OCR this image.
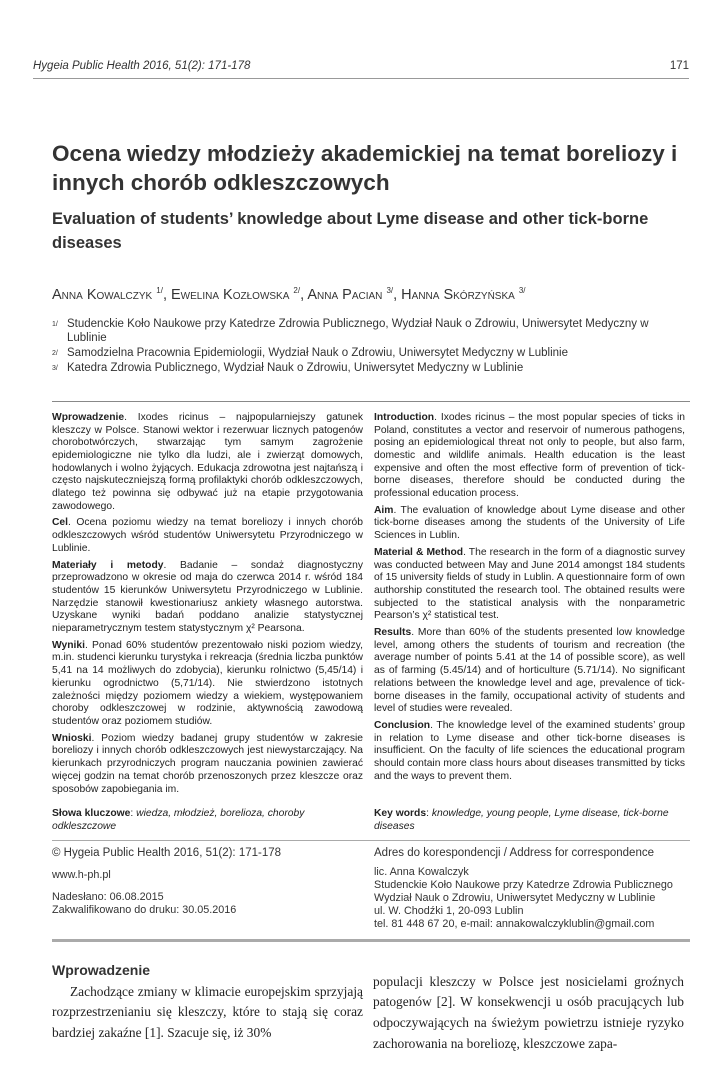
Hygeia Public Health 2016, 51(2): 171-178	171
Ocena wiedzy młodzieży akademickiej na temat boreliozy i innych chorób odkleszczowych
Evaluation of students’ knowledge about Lyme disease and other tick-borne diseases
Anna Kowalczyk $^{1/}$, Ewelina Kozłowska $^{2/}$, Anna Pacian $^{3/}$, Hanna Skórzyńska $^{3/}$
1/ Studenckie Koło Naukowe przy Katedrze Zdrowia Publicznego, Wydział Nauk o Zdrowiu, Uniwersytet Medyczny w Lublinie
2/ Samodzielna Pracownia Epidemiologii, Wydział Nauk o Zdrowiu, Uniwersytet Medyczny w Lublinie
3/ Katedra Zdrowia Publicznego, Wydział Nauk o Zdrowiu, Uniwersytet Medyczny w Lublinie

Wprowadzenie. Ixodes ricinus – najpopularniejszy gatunek kleszczy w Polsce. Stanowi wektor i rezerwuar licznych patogenów chorobotwórczych, stwarzając tym samym zagrożenie epidemiologiczne nie tylko dla ludzi, ale i zwierząt domowych, hodowlanych i wolno żyjących. Edukacja zdrowotna jest najtańszą i często najskuteczniejszą formą profilaktyki chorób odkleszczowych, dlatego też powinna się odbywać już na etapie przygotowania zawodowego.

Cel. Ocena poziomu wiedzy na temat boreliozy i innych chorób odkleszczowych wśród studentów Uniwersytetu Przyrodniczego w Lublinie.

Materiały i metody. Badanie – sondaż diagnostyczny przeprowadzono w okresie od maja do czerwca 2014 r. wśród 184 studentów 15 kierunków Uniwersytetu Przyrodniczego w Lublinie. Narzędzie stanowił kwestionariusz ankiety własnego autorstwa. Uzyskane wyniki badań poddano analizie statystycznej nieparametrycznym testem statystycznym χ² Pearsona.

Wyniki. Ponad 60% studentów prezentowało niski poziom wiedzy, m.in. studenci kierunku turystyka i rekreacja (średnia liczba punktów 5,41 na 14 możliwych do zdobycia), kierunku rolnictwo (5,45/14) i kierunku ogrodnictwo (5,71/14). Nie stwierdzono istotnych zależności między poziomem wiedzy a wiekiem, występowaniem choroby odkleszczowej w rodzinie, aktywnością zawodową studentów oraz poziomem studiów.

Wnioski. Poziom wiedzy badanej grupy studentów w zakresie boreliozy i innych chorób odkleszczowych jest niewystarczający. Na kierunkach przyrodniczych program nauczania powinien zawierać więcej godzin na temat chorób przenoszonych przez kleszcze oraz sposobów zapobiegania im.

Introduction. Ixodes ricinus – the most popular species of ticks in Poland, constitutes a vector and reservoir of numerous pathogens, posing an epidemiological threat not only to people, but also farm, domestic and wildlife animals. Health education is the least expensive and often the most effective form of prevention of tick-borne diseases, therefore should be conducted during the professional education process.

Aim. The evaluation of knowledge about Lyme disease and other tick-borne diseases among the students of the University of Life Sciences in Lublin.

Material & Method. The research in the form of a diagnostic survey was conducted between May and June 2014 amongst 184 students of 15 university fields of study in Lublin. A questionnaire form of own authorship constituted the research tool. The obtained results were subjected to the statistical analysis with the nonparametric Pearson’s χ² statistical test.

Results. More than 60% of the students presented low knowledge level, among others the students of tourism and recreation (the average number of points 5.41 at the 14 of possible score), as well as of farming (5.45/14) and of horticulture (5.71/14). No significant relations between the knowledge level and age, prevalence of tick-borne diseases in the family, occupational activity of students and level of studies were revealed.

Conclusion. The knowledge level of the examined students’ group in relation to Lyme disease and other tick-borne diseases is insufficient. On the faculty of life sciences the educational program should contain more class hours about diseases transmitted by ticks and the ways to prevent them.

Słowa kluczowe: wiedza, młodzież, borelioza, choroby odkleszczowe
Key words: knowledge, young people, Lyme disease, tick-borne diseases
© Hygeia Public Health 2016, 51(2): 171-178
www.h-ph.pl
Nadesłano: 06.08.2015
Zakwalifikowano do druku: 30.05.2016
Adres do korespondencji / Address for correspondence
lic. Anna Kowalczyk
Studenckie Koło Naukowe przy Katedrze Zdrowia Publicznego
Wydział Nauk o Zdrowiu, Uniwersytet Medyczny w Lublinie
ul. W. Chodźki 1, 20-093 Lublin
tel. 81 448 67 20, e-mail: annakowalczyklublin@gmail.com
Wprowadzenie
Zachodzące zmiany w klimacie europejskim sprzyjają rozprzestrzenianiu się kleszczy, które to stają się coraz bardziej zakaźne [1]. Szacuje się, iż 30%
populacji kleszczy w Polsce jest nosicielami groźnych patogenów [2]. W konsekwencji u osób pracujących lub odpoczywających na świeżym powietrzu istnieje ryzyko zachorowania na boreliozę, kleszczowe zapa-
